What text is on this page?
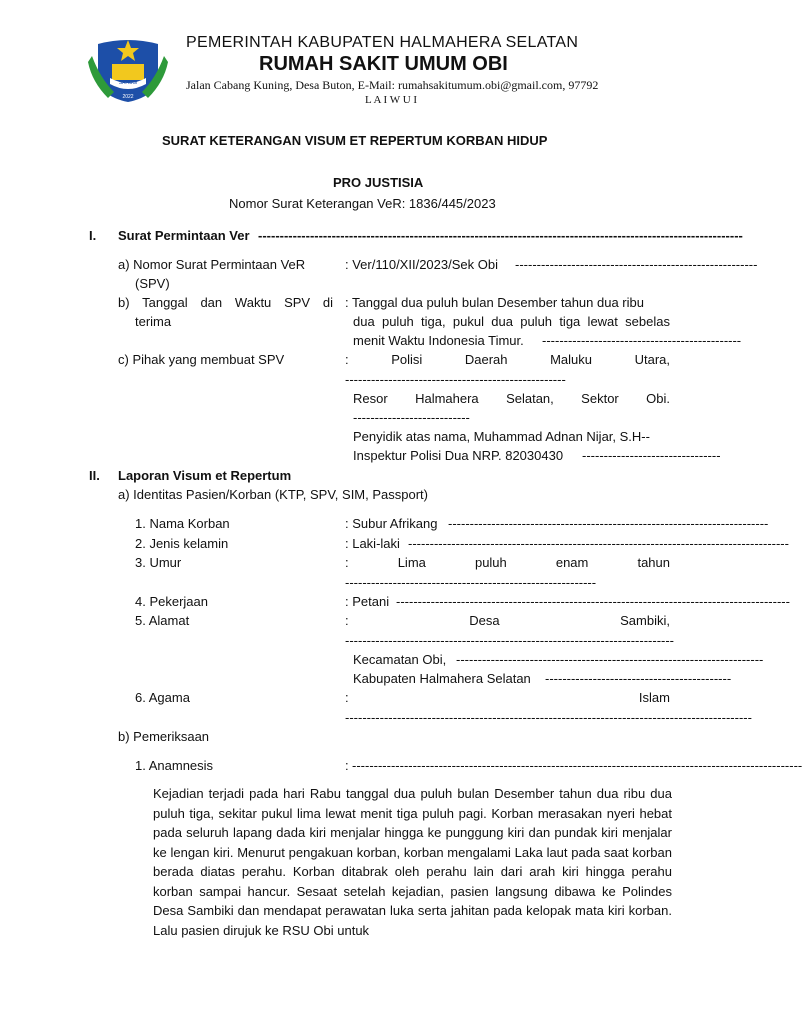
SAHUSI
2022
PEMERINTAH KABUPATEN HALMAHERA SELATAN
RUMAH SAKIT UMUM OBI
Jalan Cabang Kuning, Desa Buton, E-Mail: rumahsakitumum.obi@gmail.com, 97792
L A I W U I
SURAT KETERANGAN VISUM ET REPERTUM KORBAN HIDUP
PRO JUSTISIA
Nomor Surat Keterangan VeR: 1836/445/2023
I. Surat Permintaan Ver ----------------------------------------------------------------------------------------------------------------
a) Nomor Surat Permintaan VeR
(SPV)
: Ver/110/XII/2023/Sek Obi --------------------------------------------------------
b) Tanggal dan Waktu SPV di
terima
: Tanggal dua puluh bulan Desember tahun dua ribu
dua puluh tiga, pukul dua puluh tiga lewat sebelas
menit Waktu Indonesia Timur. ----------------------------------------------
c) Pihak yang membuat SPV	: Polisi Daerah Maluku Utara,
---------------------------------------------------
Resor Halmahera Selatan, Sektor Obi.
---------------------------
Penyidik atas nama, Muhammad Adnan Nijar, S.H--
Inspektur Polisi Dua NRP. 82030430 --------------------------------
II. Laporan Visum et Repertum
a) Identitas Pasien/Korban (KTP, SPV, SIM, Passport)
1. Nama Korban	: Subur Afrikang --------------------------------------------------------------------------
2. Jenis kelamin	: Laki-laki ----------------------------------------------------------------------------------------
3. Umur	: Lima puluh enam tahun
----------------------------------------------------------
4. Pekerjaan	: Petani -------------------------------------------------------------------------------------------
5. Alamat	: Desa Sambiki,
----------------------------------------------------------------------------
Kecamatan Obi, -----------------------------------------------------------------------
Kabupaten Halmahera Selatan -------------------------------------------
6. Agama	: Islam
----------------------------------------------------------------------------------------------
b) Pemeriksaan
1. Anamnesis	: --------------------------------------------------------------------------------------------------------
Kejadian terjadi pada hari Rabu tanggal dua puluh bulan Desember tahun dua ribu dua puluh tiga, sekitar pukul lima lewat menit tiga puluh pagi. Korban merasakan nyeri hebat pada seluruh lapang dada kiri menjalar hingga ke punggung kiri dan pundak kiri menjalar ke lengan kiri. Menurut pengakuan korban, korban mengalami Laka laut pada saat korban berada diatas perahu. Korban ditabrak oleh perahu lain dari arah kiri hingga perahu korban sampai hancur. Sesaat setelah kejadian, pasien langsung dibawa ke Polindes Desa Sambiki dan mendapat perawatan luka serta jahitan pada kelopak mata kiri korban. Lalu pasien dirujuk ke RSU Obi untuk
